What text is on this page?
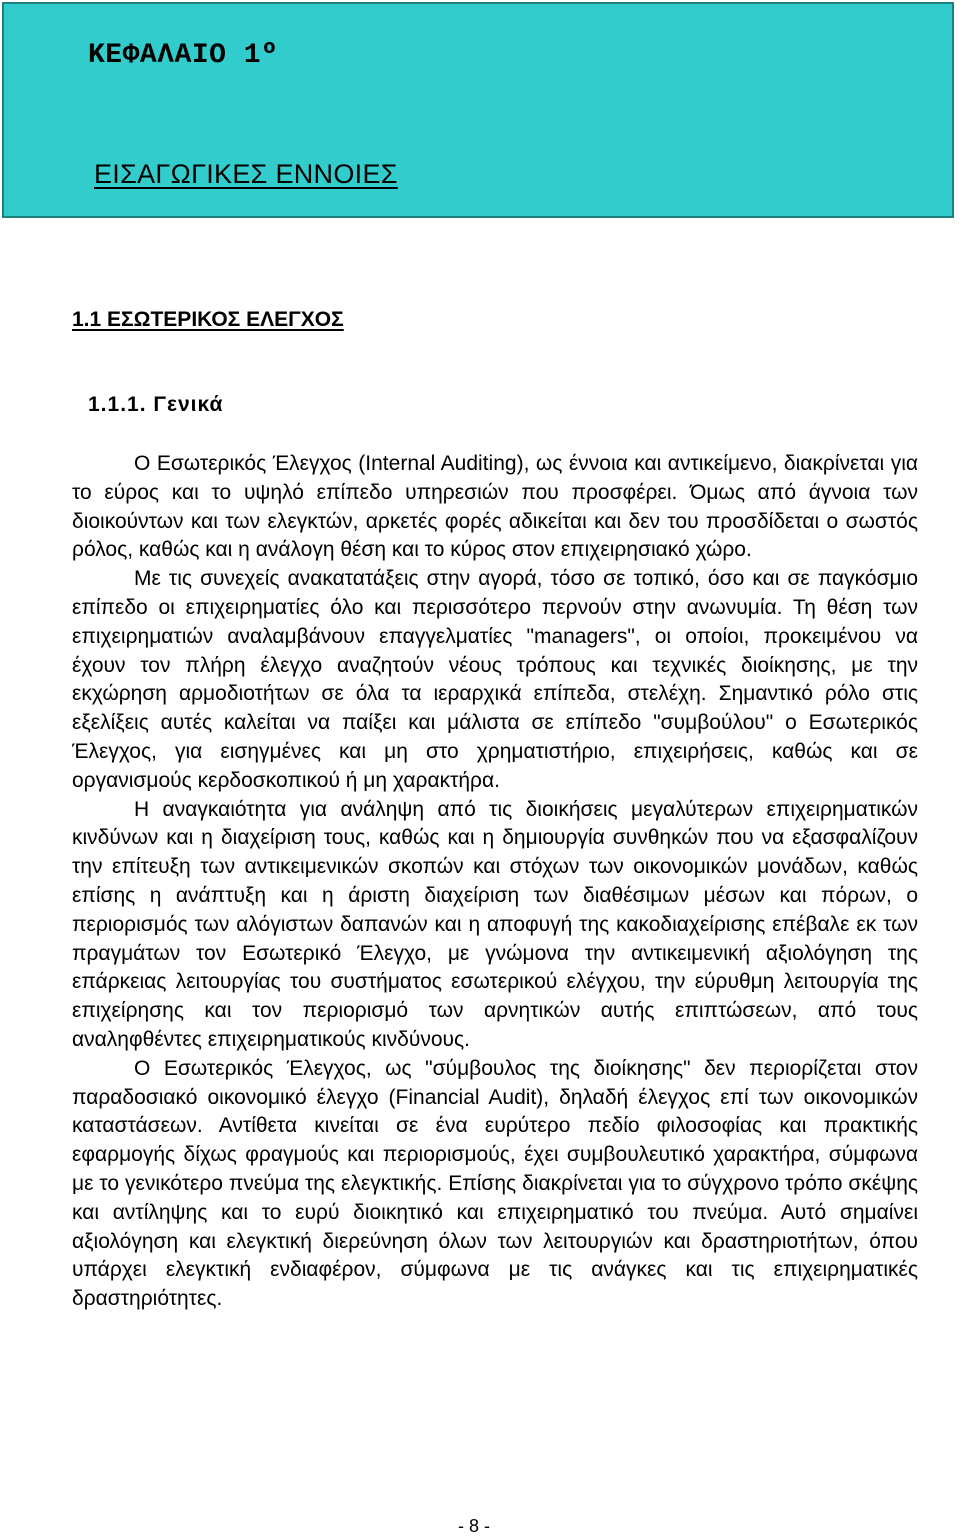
ΚΕΦΑΛΑΙΟ 1º
ΕΙΣΑΓΩΓΙΚΕΣ ΕΝΝΟΙΕΣ
1.1 ΕΣΩΤΕΡΙΚΟΣ ΕΛΕΓΧΟΣ
1.1.1. Γενικά

Ο Εσωτερικός Έλεγχος (Internal Auditing), ως έννοια και αντικείμενο, διακρίνεται για το εύρος και το υψηλό επίπεδο υπηρεσιών που προσφέρει. Όμως από άγνοια των διοικούντων και των ελεγκτών, αρκετές φορές αδικείται και δεν του προσδίδεται ο σωστός ρόλος, καθώς και η ανάλογη θέση και το κύρος στον επιχειρησιακό χώρο.

Με τις συνεχείς ανακατατάξεις στην αγορά, τόσο σε τοπικό, όσο και σε παγκόσμιο επίπεδο οι επιχειρηματίες όλο και περισσότερο περνούν στην ανωνυμία. Τη θέση των επιχειρηματιών αναλαμβάνουν επαγγελματίες "managers", οι οποίοι, προκειμένου να έχουν τον πλήρη έλεγχο αναζητούν νέους τρόπους και τεχνικές διοίκησης, με την εκχώρηση αρμοδιοτήτων σε όλα τα ιεραρχικά επίπεδα, στελέχη. Σημαντικό ρόλο στις εξελίξεις αυτές καλείται να παίξει και μάλιστα σε επίπεδο "συμβούλου" ο Εσωτερικός Έλεγχος, για εισηγμένες και μη στο χρηματιστήριο, επιχειρήσεις, καθώς και σε οργανισμούς κερδοσκοπικού ή μη χαρακτήρα.

Η αναγκαιότητα για ανάληψη από τις διοικήσεις μεγαλύτερων επιχειρηματικών κινδύνων και η διαχείριση τους, καθώς και η δημιουργία συνθηκών που να εξασφαλίζουν την επίτευξη των αντικειμενικών σκοπών και στόχων των οικονομικών μονάδων, καθώς επίσης η ανάπτυξη και η άριστη διαχείριση των διαθέσιμων μέσων και πόρων, ο περιορισμός των αλόγιστων δαπανών και η αποφυγή της κακοδιαχείρισης επέβαλε εκ των πραγμάτων τον Εσωτερικό Έλεγχο, με γνώμονα την αντικειμενική αξιολόγηση της επάρκειας λειτουργίας του συστήματος εσωτερικού ελέγχου, την εύρυθμη λειτουργία της επιχείρησης και τον περιορισμό των αρνητικών αυτής επιπτώσεων, από τους αναληφθέντες επιχειρηματικούς κινδύνους.

Ο Εσωτερικός Έλεγχος, ως "σύμβουλος της διοίκησης" δεν περιορίζεται στον παραδοσιακό οικονομικό έλεγχο (Financial Audit), δηλαδή έλεγχος επί των οικονομικών καταστάσεων. Αντίθετα κινείται σε ένα ευρύτερο πεδίο φιλοσοφίας και πρακτικής εφαρμογής δίχως φραγμούς και περιορισμούς, έχει συμβουλευτικό χαρακτήρα, σύμφωνα με το γενικότερο πνεύμα της ελεγκτικής. Επίσης διακρίνεται για το σύγχρονο τρόπο σκέψης και αντίληψης και το ευρύ διοικητικό και επιχειρηματικό του πνεύμα. Αυτό σημαίνει αξιολόγηση και ελεγκτική διερεύνηση όλων των λειτουργιών και δραστηριοτήτων, όπου υπάρχει ελεγκτική ενδιαφέρον, σύμφωνα με τις ανάγκες και τις επιχειρηματικές δραστηριότητες.

- 8 -
